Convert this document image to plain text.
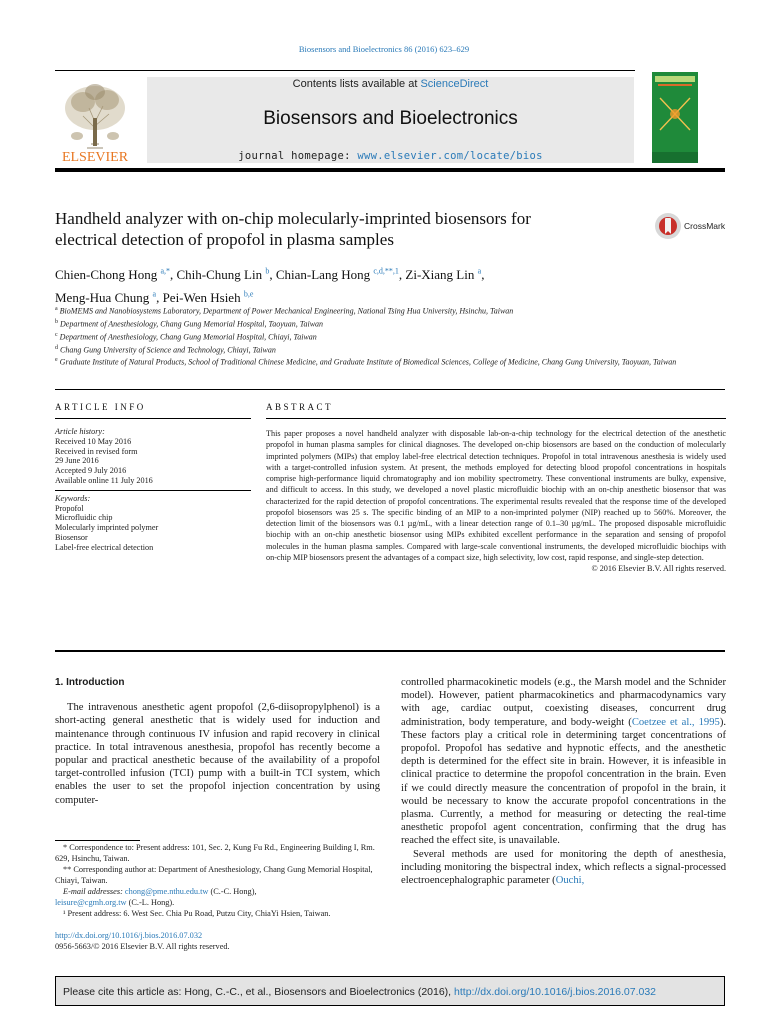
Biosensors and Bioelectronics 86 (2016) 623–629
ELSEVIER
Contents lists available at ScienceDirect
Biosensors and Bioelectronics
journal homepage: www.elsevier.com/locate/bios
Handheld analyzer with on-chip molecularly-imprinted biosensors for
electrical detection of propofol in plasma samples
CrossMark
Chien-Chong Hong $^{a,*}$, Chih-Chung Lin $^b$, Chian-Lang Hong $^{c,d,**,1}$, Zi-Xiang Lin $^a$,
Meng-Hua Chung $^a$, Pei-Wen Hsieh $^{b,e}$
$^a$ BioMEMS and Nanobiosystems Laboratory, Department of Power Mechanical Engineering, National Tsing Hua University, Hsinchu, Taiwan
$^b$ Department of Anesthesiology, Chang Gung Memorial Hospital, Taoyuan, Taiwan
$^c$ Department of Anesthesiology, Chang Gung Memorial Hospital, Chiayi, Taiwan
$^d$ Chang Gung University of Science and Technology, Chiayi, Taiwan
$^e$ Graduate Institute of Natural Products, School of Traditional Chinese Medicine, and Graduate Institute of Biomedical Sciences, College of Medicine, Chang Gung University, Taoyuan, Taiwan
ARTICLE INFO
Article history:
Received 10 May 2016
Received in revised form
29 June 2016
Accepted 9 July 2016
Available online 11 July 2016
Keywords:
Propofol
Microfluidic chip
Molecularly imprinted polymer
Biosensor
Label-free electrical detection
ABSTRACT
This paper proposes a novel handheld analyzer with disposable lab-on-a-chip technology for the electrical detection of the anesthetic propofol in human plasma samples for clinical diagnoses. The developed on-chip biosensors are based on the conduction of molecularly imprinted polymers (MIPs) that employ label-free electrical detection techniques. Propofol in total intravenous anesthesia is widely used with a target-controlled infusion system. At present, the methods employed for detecting blood propofol concentrations in hospitals comprise high-performance liquid chromatography and ion mobility spectrometry. These conventional instruments are bulky, expensive, and difficult to access. In this study, we developed a novel plastic microfluidic biochip with an on-chip anesthetic biosensor that was characterized for the rapid detection of propofol concentrations. The experimental results revealed that the response time of the developed propofol biosensors was 25 s. The specific binding of an MIP to a non-imprinted polymer (NIP) reached up to 560%. Moreover, the detection limit of the biosensors was 0.1 µg/mL, with a linear detection range of 0.1–30 µg/mL. The proposed disposable microfluidic biochip with an on-chip anesthetic biosensor using MIPs exhibited excellent performance in the separation and sensing of propofol molecules in the human plasma samples. Compared with large-scale conventional instruments, the developed microfluidic biochips with on-chip MIP biosensors present the advantages of a compact size, high selectivity, low cost, rapid response, and single-step detection.
© 2016 Elsevier B.V. All rights reserved.
1. Introduction

The intravenous anesthetic agent propofol (2,6-diisopropylphenol) is a short-acting general anesthetic that is widely used for induction and maintenance through continuous IV infusion and rapid recovery in clinical practice. In total intravenous anesthesia, propofol has recently become a popular and practical anesthetic because of the availability of a propofol target-controlled infusion (TCI) pump with a built-in TCI system, which enables the user to set the propofol injection concentration by using computer-

controlled pharmacokinetic models (e.g., the Marsh model and the Schnider model). However, patient pharmacokinetics and pharmacodynamics vary with age, cardiac output, coexisting diseases, concurrent drug administration, body temperature, and body-weight (Coetzee et al., 1995). These factors play a critical role in determining target concentrations of propofol. Propofol has sedative and hypnotic effects, and the anesthetic depth is determined for the effect site in brain. However, it is infeasible in clinical practice to determine the propofol concentration in the brain. Even if we could directly measure the concentration of propofol in the brain, it would be necessary to know the accurate propofol concentrations in the plasma. Currently, a method for measuring or detecting the real-time anesthetic propofol agent concentration, confirming that the drug has reached the effect site, is unavailable.

Several methods are used for monitoring the depth of anesthesia, including monitoring the bispectral index, which reflects a signal-processed electroencephalographic parameter (Ouchi,

* Correspondence to: Present address: 101, Sec. 2, Kung Fu Rd., Engineering Building I, Rm. 629, Hsinchu, Taiwan.

** Corresponding author at: Department of Anesthesiology, Chang Gung Memorial Hospital, Chiayi, Taiwan.

E-mail addresses: chong@pme.nthu.edu.tw (C.-C. Hong),

leisure@cgmh.org.tw (C.-L. Hong).

¹ Present address: 6. West Sec. Chia Pu Road, Putzu City, ChiaYi Hsien, Taiwan.

http://dx.doi.org/10.1016/j.bios.2016.07.032
0956-5663/© 2016 Elsevier B.V. All rights reserved.
Please cite this article as: Hong, C.-C., et al., Biosensors and Bioelectronics (2016), http://dx.doi.org/10.1016/j.bios.2016.07.032
